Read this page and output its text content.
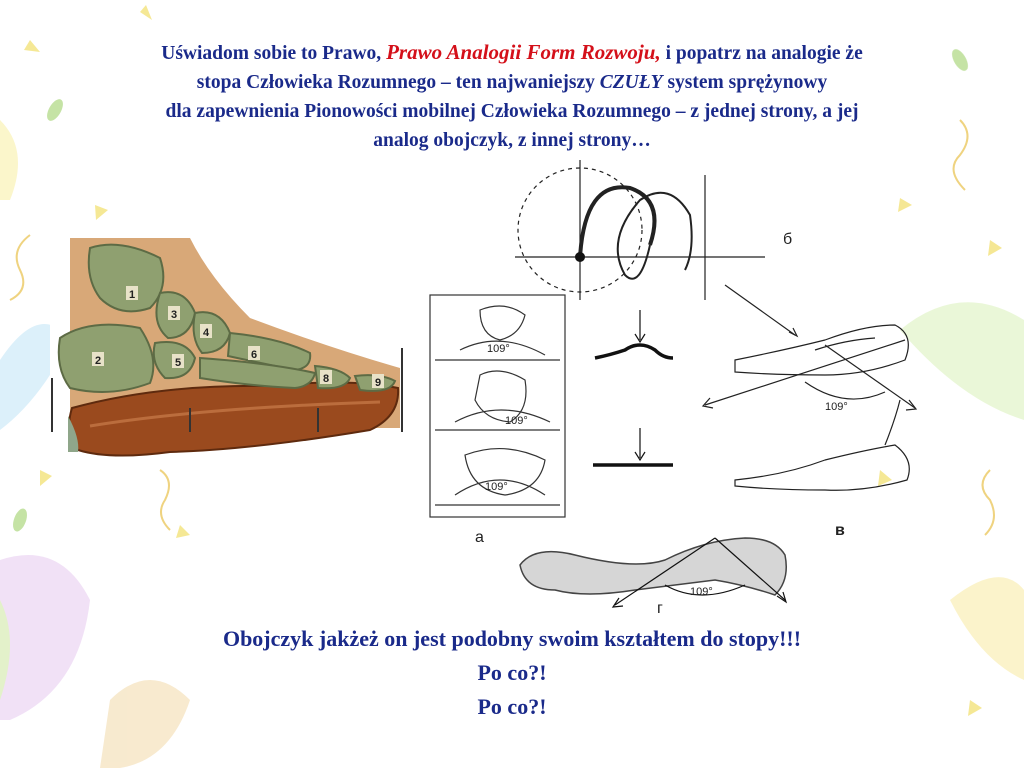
Uświadom sobie to Prawo, Prawo Analogii Form Rozwoju, i popatrz na analogie że
stopa Człowieka Rozumnego – ten najwaniejszy CZUŁY system sprężynowy
dla zapewnienia Pionowości mobilnej Człowieka Rozumnego – z jednej strony, a jej
analog obojczyk, z innej strony…
1
2
3
4
5
6
8	9
б
109°
109°
109°
а
109°
в
109°
г
Obojczyk jakżeż on jest podobny swoim kształtem do stopy!!!
Po co?!
Po co?!
